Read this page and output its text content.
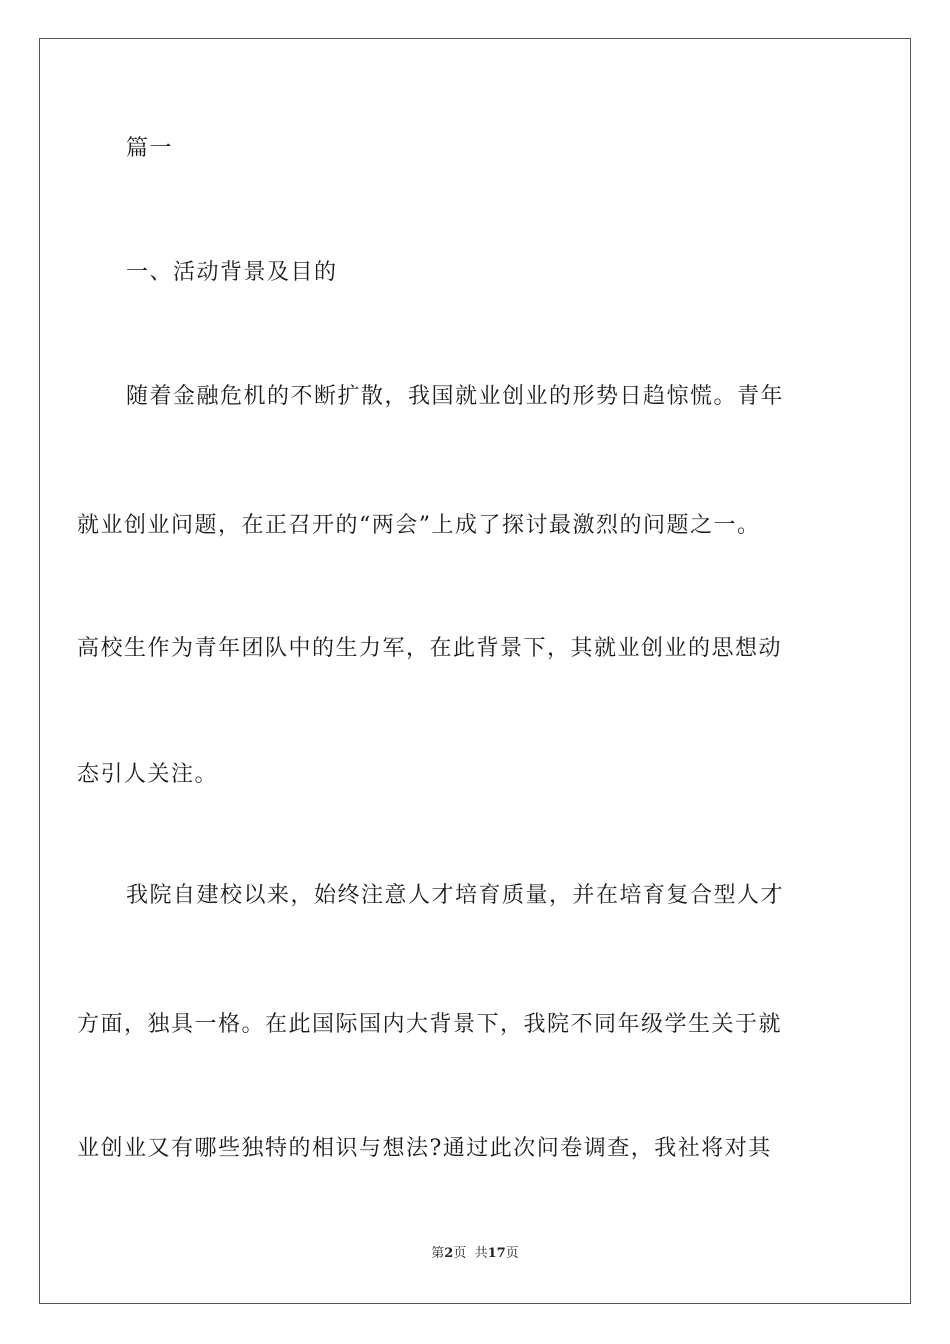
篇一
一、活动背景及目的
随着金融危机的不断扩散，我国就业创业的形势日趋惊慌。青年
就业创业问题，在正召开的“两会”上成了探讨最激烈的问题之一。
高校生作为青年团队中的生力军，在此背景下，其就业创业的思想动
态引人关注。
我院自建校以来，始终注意人才培育质量，并在培育复合型人才
方面，独具一格。在此国际国内大背景下，我院不同年级学生关于就
业创业又有哪些独特的相识与想法?通过此次问卷调查，我社将对其
第2页  共17页
